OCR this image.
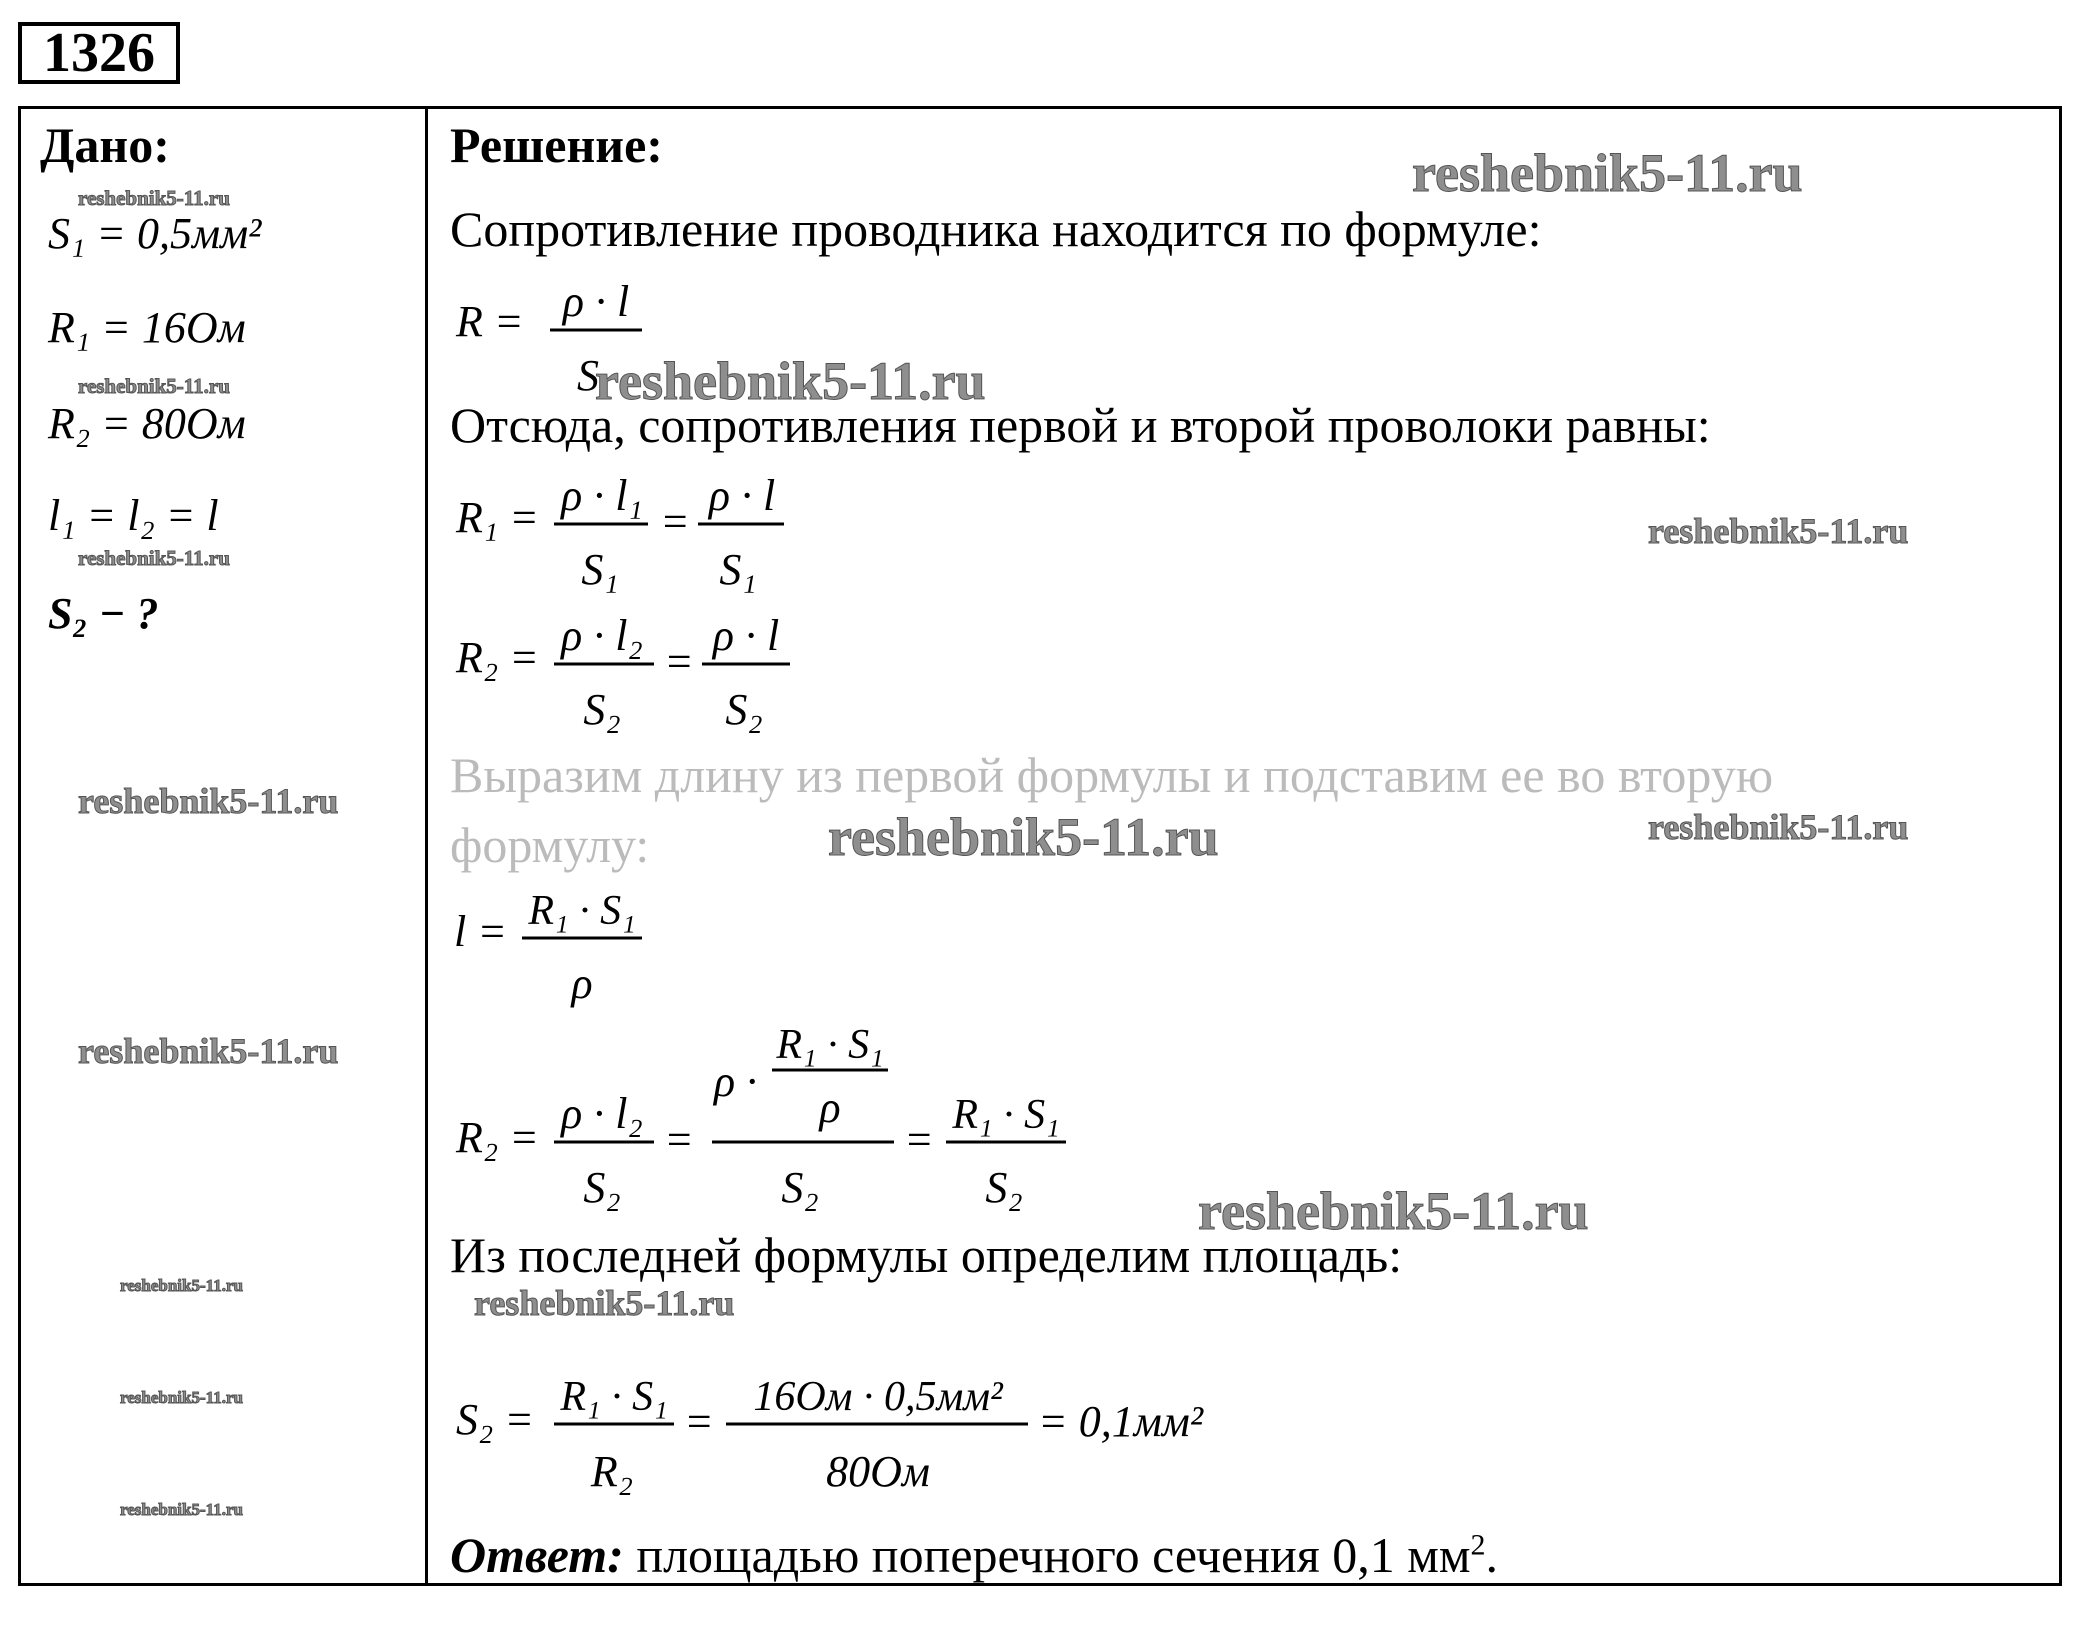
1326
Дано:
reshebnik5-11.ru
S₁ = 0,5мм²
R₁ = 16Ом
reshebnik5-11.ru
R₂ = 80Ом
l₁ = l₂ = l
reshebnik5-11.ru
S₂ − ?
reshebnik5-11.ru
reshebnik5-11.ru
reshebnik5-11.ru
reshebnik5-11.ru
reshebnik5-11.ru
Решение:	reshebnik5-11.ru
Сопротивление проводника находится по формуле:
R = ρ · l
S
reshebnik5-11.ru
Отсюда, сопротивления первой и второй проволоки равны:
R₁ = ρ · l₁
S₁
=
ρ · l
S₁
reshebnik5-11.ru
R₂ = ρ · l₂
S₂
=
ρ · l
S₂
Выразим длину из первой формулы и подставим ее во вторую
формулу:	reshebnik5-11.ru	reshebnik5-11.ru
l = R₁ · S₁
ρ
R₂ = ρ · l₂
S₂
=
ρ ·
R₁ · S₁
ρ
S₂
= R₁ · S₁
S₂	reshebnik5-11.ru
Из последней формулы определим площадь:
reshebnik5-11.ru
S₂ = R₁ · S₁
R₂
= 16Ом · 0,5мм²
80Ом
= 0,1мм²
Ответ: площадью поперечного сечения 0,1 $мм^2$.
